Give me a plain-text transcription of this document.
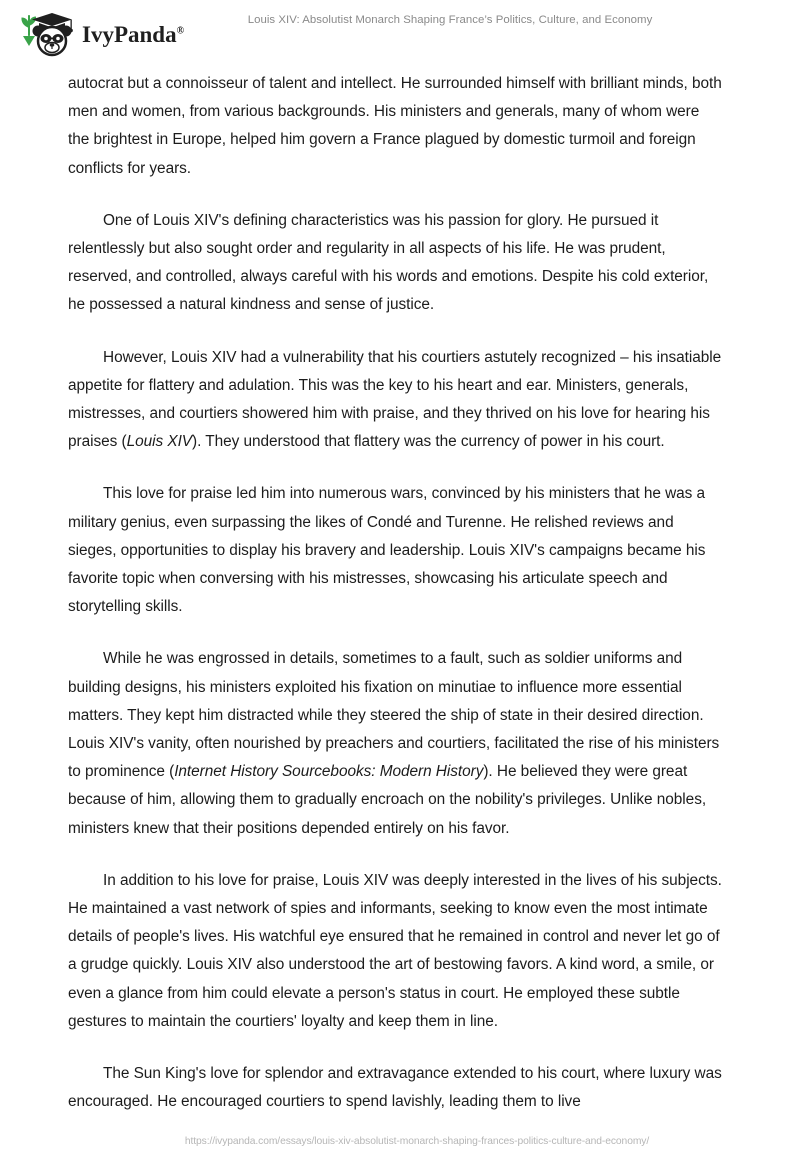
IvyPanda®
Louis XIV: Absolutist Monarch Shaping France’s Politics, Culture, and Economy

autocrat but a connoisseur of talent and intellect. He surrounded himself with brilliant minds, both men and women, from various backgrounds. His ministers and generals, many of whom were the brightest in Europe, helped him govern a France plagued by domestic turmoil and foreign conflicts for years.

One of Louis XIV's defining characteristics was his passion for glory. He pursued it relentlessly but also sought order and regularity in all aspects of his life. He was prudent, reserved, and controlled, always careful with his words and emotions. Despite his cold exterior, he possessed a natural kindness and sense of justice.

However, Louis XIV had a vulnerability that his courtiers astutely recognized – his insatiable appetite for flattery and adulation. This was the key to his heart and ear. Ministers, generals, mistresses, and courtiers showered him with praise, and they thrived on his love for hearing his praises (Louis XIV). They understood that flattery was the currency of power in his court.

This love for praise led him into numerous wars, convinced by his ministers that he was a military genius, even surpassing the likes of Condé and Turenne. He relished reviews and sieges, opportunities to display his bravery and leadership. Louis XIV's campaigns became his favorite topic when conversing with his mistresses, showcasing his articulate speech and storytelling skills.

While he was engrossed in details, sometimes to a fault, such as soldier uniforms and building designs, his ministers exploited his fixation on minutiae to influence more essential matters. They kept him distracted while they steered the ship of state in their desired direction. Louis XIV's vanity, often nourished by preachers and courtiers, facilitated the rise of his ministers to prominence (Internet History Sourcebooks: Modern History). He believed they were great because of him, allowing them to gradually encroach on the nobility's privileges. Unlike nobles, ministers knew that their positions depended entirely on his favor.

In addition to his love for praise, Louis XIV was deeply interested in the lives of his subjects. He maintained a vast network of spies and informants, seeking to know even the most intimate details of people's lives. His watchful eye ensured that he remained in control and never let go of a grudge quickly. Louis XIV also understood the art of bestowing favors. A kind word, a smile, or even a glance from him could elevate a person's status in court. He employed these subtle gestures to maintain the courtiers' loyalty and keep them in line.

The Sun King's love for splendor and extravagance extended to his court, where luxury was encouraged. He encouraged courtiers to spend lavishly, leading them to live

https://ivypanda.com/essays/louis-xiv-absolutist-monarch-shaping-frances-politics-culture-and-economy/
